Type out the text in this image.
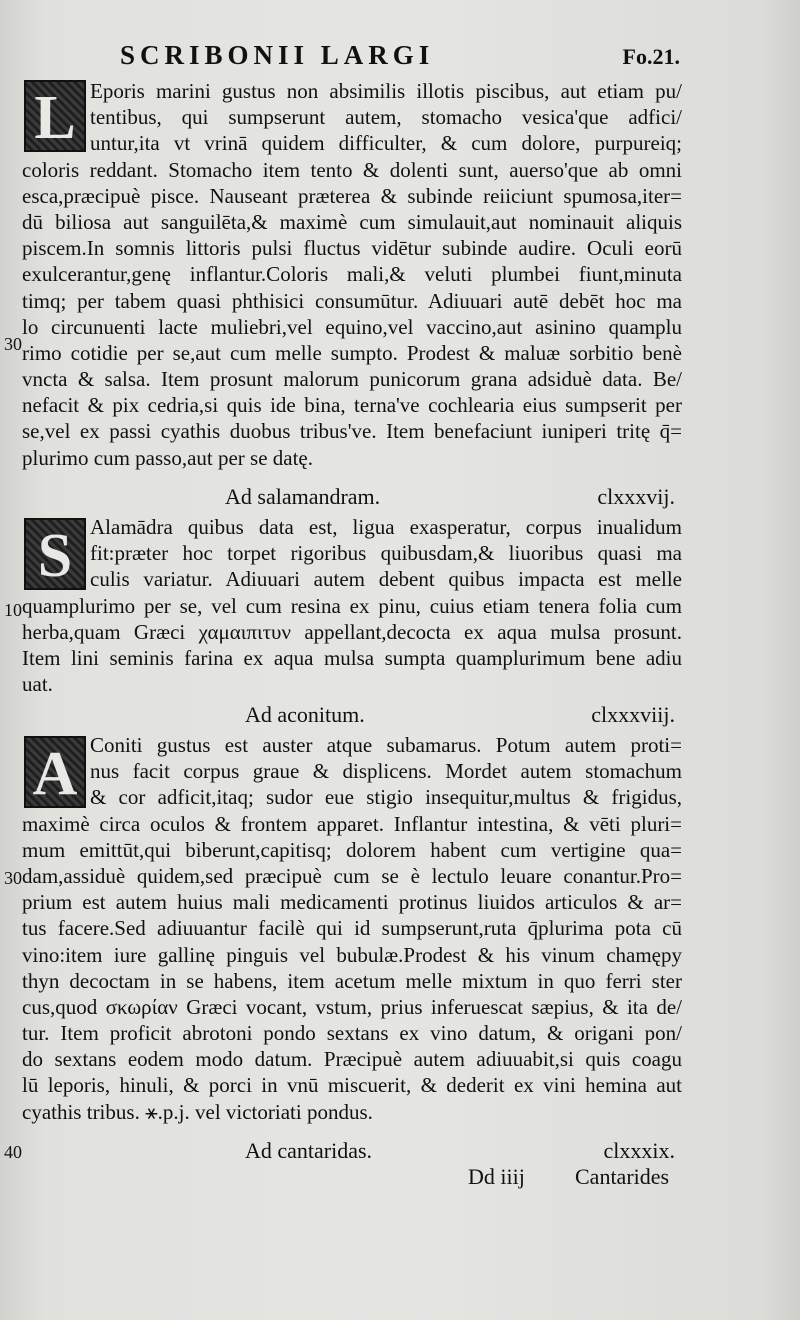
SCRIBONII LARGI	Fo.21.
L Eporis marini gustus non absimilis illotis piscibus, aut etiam pu/
tentibus, qui sumpserunt autem, stomacho vesica'que adfici/
untur,ita vt vrinā quidem difficulter, & cum dolore, purpureiq;
coloris reddant. Stomacho item tento & dolenti sunt, auerso'que ab omni
esca,præcipuè pisce. Nauseant præterea & subinde reiiciunt spumosa,iter=
dū biliosa aut sanguilēta,& maximè cum simulauit,aut nominauit aliquis
piscem.In somnis littoris pulsi fluctus vidētur subinde audire. Oculi eorū
exulcerantur,genę inflantur.Coloris mali,& veluti plumbei fiunt,minuta
timq; per tabem quasi phthisici consumūtur. Adiuuari autē debēt hoc ma
lo circunuenti lacte muliebri,vel equino,vel vaccino,aut asinino quamplu
rimo cotidie per se,aut cum melle sumpto. Prodest & maluæ sorbitio benè
vncta & salsa. Item prosunt malorum punicorum grana adsiduè data. Be/
nefacit & pix cedria,si quis ide bina, terna've cochlearia eius sumpserit per
se,vel ex passi cyathis duobus tribus've. Item benefaciunt iuniperi tritę q̄=
plurimo cum passo,aut per se datę.
Ad salamandram.	clxxxvij.
S Alamādra quibus data est, ligua exasperatur, corpus inualidum
fit:præter hoc torpet rigoribus quibusdam,& liuoribus quasi ma
culis variatur. Adiuuari autem debent quibus impacta est melle
quamplurimo per se, vel cum resina ex pinu, cuius etiam tenera folia cum
herba,quam Græci χαμαιπιτυν appellant,decocta ex aqua mulsa prosunt.
Item lini seminis farina ex aqua mulsa sumpta quamplurimum bene adiu
uat.
Ad aconitum.	clxxxviij.
A Coniti gustus est auster atque subamarus. Potum autem proti=
nus facit corpus graue & displicens. Mordet autem stomachum
& cor adficit,itaq; sudor eue stigio insequitur,multus & frigidus,
maximè circa oculos & frontem apparet. Inflantur intestina, & vēti pluri=
mum emittūt,qui biberunt,capitisq; dolorem habent cum vertigine qua=
dam,assiduè quidem,sed præcipuè cum se è lectulo leuare conantur.Pro=
prium est autem huius mali medicamenti protinus liuidos articulos & ar=
tus facere.Sed adiuuantur facilè qui id sumpserunt,ruta q̄plurima pota cū
vino:item iure gallinę pinguis vel bubulæ.Prodest & his vinum chamępy
thyn decoctam in se habens, item acetum melle mixtum in quo ferri ster
cus,quod σκωρίαν Græci vocant, vstum, prius inferuescat sæpius, & ita de/
tur. Item proficit abrotoni pondo sextans ex vino datum, & origani pon/
do sextans eodem modo datum. Præcipuè autem adiuuabit,si quis coagu
lū leporis, hinuli, & porci in vnū miscuerit, & dederit ex vini hemina aut
cyathis tribus. ⚹.p.j. vel victoriati pondus.
Ad cantaridas.	clxxxix.
Dd iiij Cantarides
30
10
30
40
